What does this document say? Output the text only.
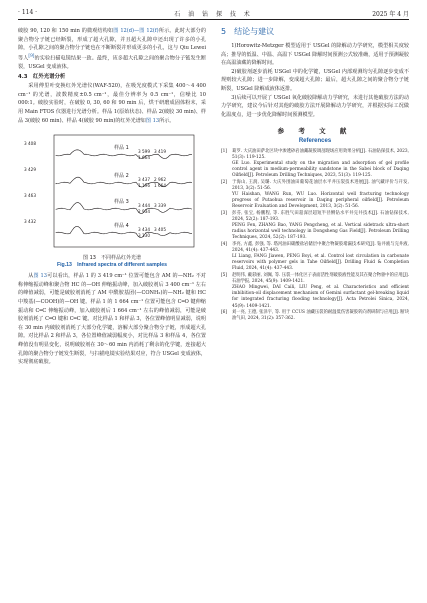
· 114 ·	石 油 钻 探 技 术	2025 年 4 月

破胶 90, 120 和 150 min 的微观结构如图 12(d)—图 12(f)所示。此时大部分的聚合物分子链已经断裂，形成了超大孔隙，并且超大孔隙中还出现了许多的小孔隙，小孔隙之间的聚合物分子链也在不断断裂并形成更多的小孔，这与 Qiu Lewei 等人[9]的实验扫描电镜结果一致。最终，该多超大孔隙之间的聚合物分子链发生断裂，USGel 变成液体。

4.3　红外光谱分析

采用傅里叶变换红外光谱仪(WAF-520)，在吸光度模式下采集 400～4 400 cm⁻¹ 的光谱，波数精度±0.5 cm⁻¹，最佳分辨率为 0.5 cm⁻¹，信噪比 10 000:1。破胶实验时，在破胶 0, 30, 60 和 90 min 后，烘干研磨成固体粉末，采用 Main FTOS 仪器进行光谱分析。样品 1(原始状态)、样品 2(破胶 30 min)、样品 3(破胶 60 min)、样品 4(破胶 90 min)的红外光谱如图 13所示。

样品 1
3 599 3 419
1 664
样品 2
3 437 2 962
1 196 1 664
样品 3
3 444 3 339
2 934
样品 4
3 434 3 405
3 130
3 408
3 429
3 463
3 432
图 13　不同样品红外光谱
Fig.13　Infrared spectra of different samples

从图 13可以看出，样品 1 的 3 419 cm⁻¹ 位置可能包含 AM 的—NH₂ 不对称伸缩振动峰和聚合物 HC 的—OH 伸缩振动峰，加入破胶剂后 3 400 cm⁻¹ 左右的峰值减弱，可能是破胶剂消耗了 AM 中酰胺基团(—CONH₂)的—NH₂ 键和 HC 中羧基(—COOH)的—OH 键。样品 1 的 1 664 cm⁻¹ 位置可能包含 C═O 键伸缩振动和 C═C 伸缩振动峰，加入破胶剂后 1 664 cm⁻¹ 左右的峰值减弱，可能是破胶剂消耗了 C═O 键和 C═C 键。对比样品 1 和样品 3，各位置峰值明显减弱，说明在 30 min 内破胶剂消耗了大部分化学键，溶解大部分聚合物分子链，形成超大孔隙。对比样品 2 和样品 3，各位置峰值减弱幅度小，对比样品 3 和样品 4，各位置峰值没有明显变化，说明破胶剂在 30～60 min 内消耗了剩余的化学键，连接超大孔隙的聚合物分子链发生断裂，与扫描电镜实验结果对应，符合 USGel 变成液体，实现彻底破胶。

5　结论与建议

1)Horowitz-Metzger 模型适用于 USGel 的降解动力学研究，模型相关度较高；推导的低温、中温、高温下 USGel 降解时间预测公式较准确，适用于预测凝胶在高温油藏的降解时间。

2)破胶剂逐步消耗 USGel 中的化学键，USGel 内部观测均匀孔隙逐步变成不规则较大孔隙；进一步降解，变成超大孔隙；最后，超大孔隙之间的聚合物分子链断裂，USGel 降解成液体返排。

3)后续可以开展了 USGel 氧化破胶降解动力学研究，未进行其他破胶方法的动力学研究，建议今后针对其他的破胶方法开展降解动力学研究，并根据实际工况做化温度点，进一步优化降解时间预测模型。

参 考 文 献
References
[1]	葛罗. 大庆油田萨北区块中渗透砂岩油藏凝胶调剖现场应用效果分析[J]. 石油钻探技术, 2023, 51(3): 119-125.
GE Luo. Experimental study on the migration and adsorption of gel profile control agent in medium-permeability sandstone in the Sabei block of Daqing Oilfield[J]. Petroleum Drilling Techniques, 2023, 51(3): 119-125.
[2]	于海山, 王润, 吴璐. 大庆外围油田葡萄花油层水平井压裂技术进展[J]. 油气藏评价与开发, 2013, 3(2): 51-56.
YU Haishan, WANG Run, WU Luo. Horizontal well fracturing technology progress of Putaohua reservoir in Daqing peripheral oilfield[J]. Petroleum Reservoir Evaluation and Development, 2013, 3(2): 51-56.
[3]	彭芬, 张宝, 杨鹏程, 等. 东胜气田超深层超短半径侧钻水平井完井技术[J]. 石油钻探技术, 2024, 52(2): 187-193.
PENG Fen, ZHANG Bao, YANG Pengcheng, et al. Vertical sidetrack ultra-short radius horizontal well technology in Dongsheng Gas Field[J]. Petroleum Drilling Techniques, 2024, 52(2): 187-193.
[4]	李亮, 方鑫, 彭强, 等. 塔河油田碳酸盐岩储层中聚合物凝胶堵漏技术研究[J]. 钻井液与完井液, 2024, 41(4): 437-443.
LI Liang, FANG Jiawen, PENG Boyi, et al. Control lost circulation in carbonate reservoirs with polymer gels in Tahe Oilfield[J]. Drilling Fluid & Completion Fluid, 2024, 41(4): 437-443.
[5]	赵明伟, 戴彩丽, 刘佩, 等. 压裂一体化区子表面活性剂破胶液性能及其在聚合物驱中的应用[J]. 石油学报, 2024, 45(9): 1409-1421.
ZHAO Mingwei, DAI Caili, LIU Peng, et al. Characteristics and efficient imbibition-oil displacement mechanism of Gemini surfactant gel-breaking liquid for integrated fracturing flooding technology[J]. Acta Petrolei Sinica, 2024, 45(9): 1409-1421.
[6]	刘一亮, 王德, 张泽宇, 等. 用于 CCUS 油藏压裂的耐温低伤害凝胶转向剂研制与应用[J]. 断块油气田, 2024, 31(2): 357-362.
